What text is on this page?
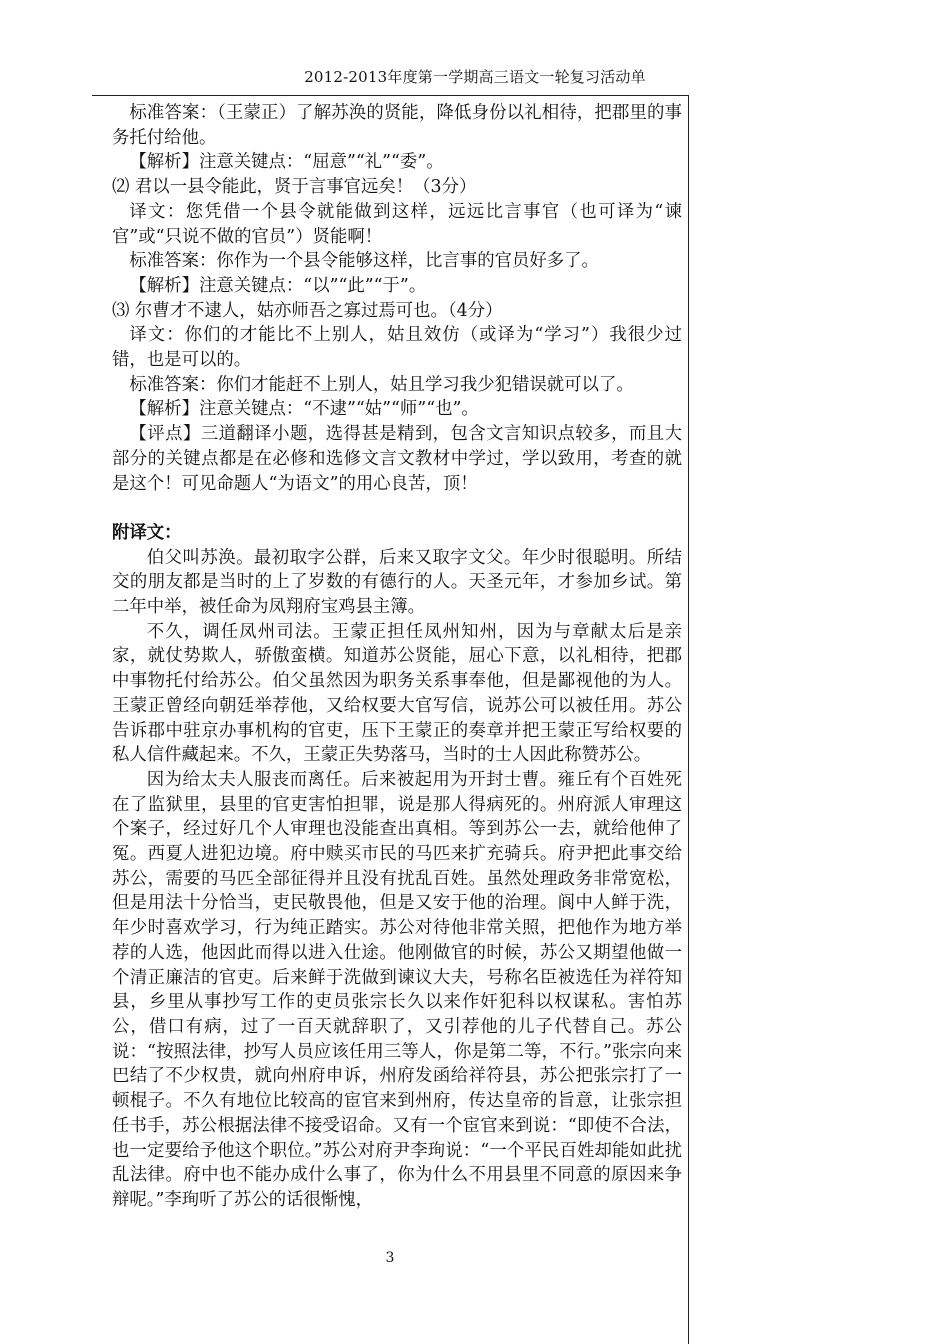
2012-2013年度第一学期高三语文一轮复习活动单

标准答案：（王蒙正）了解苏涣的贤能，降低身份以礼相待，把郡里的事务托付给他。

【解析】注意关键点：“屈意”“礼”“委”。

⑵ 君以一县令能此，贤于言事官远矣！（3分）

译文：您凭借一个县令就能做到这样，远远比言事官（也可译为“谏官”或“只说不做的官员”）贤能啊！

标准答案：你作为一个县令能够这样，比言事的官员好多了。

【解析】注意关键点：“以”“此”“于”。

⑶ 尔曹才不逮人，姑亦师吾之寡过焉可也。（4分）

译文：你们的才能比不上别人，姑且效仿（或译为“学习”）我很少过错，也是可以的。

标准答案：你们才能赶不上别人，姑且学习我少犯错误就可以了。

【解析】注意关键点：“不逮”“姑”“师”“也”。

【评点】三道翻译小题，选得甚是精到，包含文言知识点较多，而且大部分的关键点都是在必修和选修文言文教材中学过，学以致用，考查的就是这个！可见命题人“为语文”的用心良苦，顶！

附译文：

伯父叫苏涣。最初取字公群，后来又取字文父。年少时很聪明。所结交的朋友都是当时的上了岁数的有德行的人。天圣元年，才参加乡试。第二年中举，被任命为凤翔府宝鸡县主簿。

不久，调任凤州司法。王蒙正担任凤州知州，因为与章献太后是亲家，就仗势欺人，骄傲蛮横。知道苏公贤能，屈心下意，以礼相待，把郡中事物托付给苏公。伯父虽然因为职务关系事奉他，但是鄙视他的为人。王蒙正曾经向朝廷举荐他，又给权要大官写信，说苏公可以被任用。苏公告诉郡中驻京办事机构的官吏，压下王蒙正的奏章并把王蒙正写给权要的私人信件藏起来。不久，王蒙正失势落马，当时的士人因此称赞苏公。

因为给太夫人服丧而离任。后来被起用为开封士曹。雍丘有个百姓死在了监狱里，县里的官吏害怕担罪，说是那人得病死的。州府派人审理这个案子，经过好几个人审理也没能查出真相。等到苏公一去，就给他伸了冤。西夏人进犯边境。府中赎买市民的马匹来扩充骑兵。府尹把此事交给苏公，需要的马匹全部征得并且没有扰乱百姓。虽然处理政务非常宽松，但是用法十分恰当，吏民敬畏他，但是又安于他的治理。阆中人鲜于洗，年少时喜欢学习，行为纯正踏实。苏公对待他非常关照，把他作为地方举荐的人选，他因此而得以进入仕途。他刚做官的时候，苏公又期望他做一个清正廉洁的官吏。后来鲜于洗做到谏议大夫，号称名臣被选任为祥符知县，乡里从事抄写工作的吏员张宗长久以来作奸犯科以权谋私。害怕苏公，借口有病，过了一百天就辞职了，又引荐他的儿子代替自己。苏公说：“按照法律，抄写人员应该任用三等人，你是第二等，不行。”张宗向来巴结了不少权贵，就向州府申诉，州府发函给祥符县，苏公把张宗打了一顿棍子。不久有地位比较高的宦官来到州府，传达皇帝的旨意，让张宗担任书手，苏公根据法律不接受诏命。又有一个宦官来到说：“即使不合法，也一定要给予他这个职位。”苏公对府尹李珣说：“一个平民百姓却能如此扰乱法律。府中也不能办成什么事了，你为什么不用县里不同意的原因来争辩呢。”李珣听了苏公的话很惭愧，

3
